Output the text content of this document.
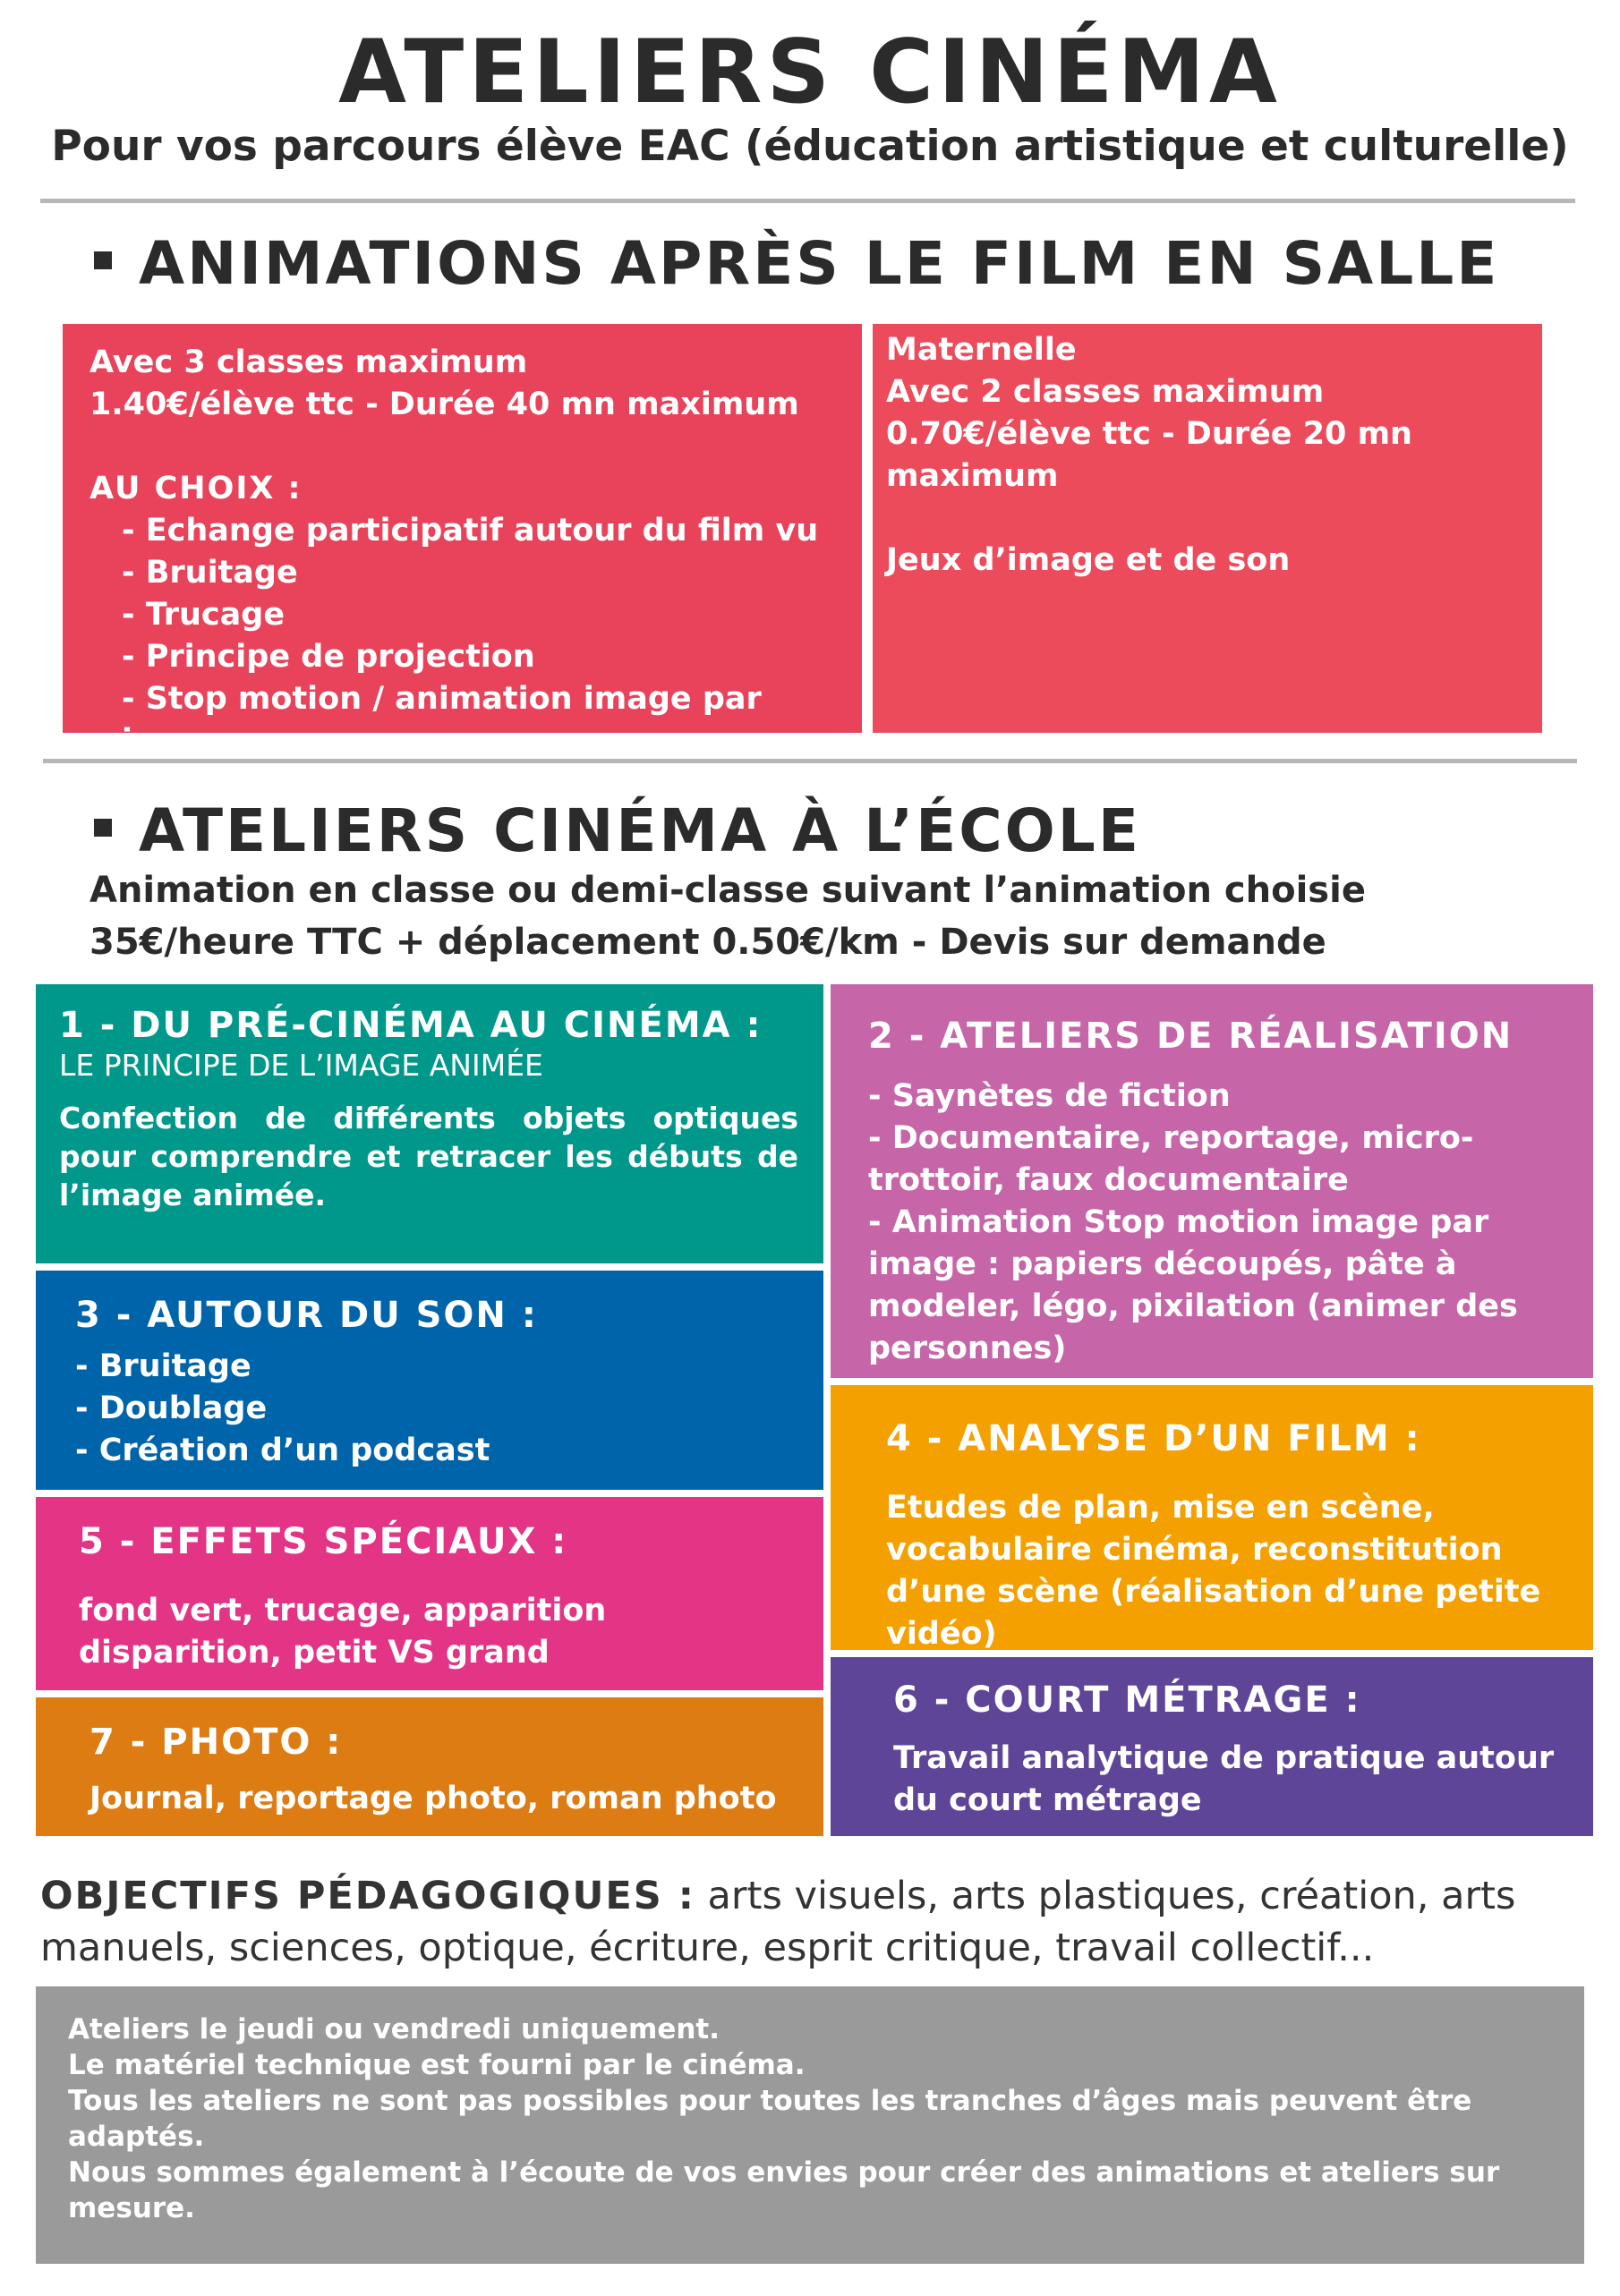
ATELIERS CINÉMA
Pour vos parcours élève EAC (éducation artistique et culturelle)
ANIMATIONS APRÈS LE FILM EN SALLE

Avec 3 classes maximum

1.40€/élève ttc - Durée 40 mn maximum

AU CHOIX :

- Echange participatif autour du film vu

- Bruitage

- Trucage

- Principe de projection

- Stop motion / animation image par image

Maternelle

Avec 2 classes maximum

0.70€/élève ttc - Durée 20 mn maximum

Jeux d’image et de son

ATELIERS CINÉMA À L’ÉCOLE
Animation en classe ou demi-classe suivant l’animation choisie
35€/heure TTC + déplacement 0.50€/km - Devis sur demande
1 - DU PRÉ-CINÉMA AU CINÉMA :
LE PRINCIPE DE L’IMAGE ANIMÉE
Confection de différents objets optiques pour comprendre et retracer les débuts de l’image animée.
2 - ATELIERS DE RÉALISATION

- Saynètes de fiction

- Documentaire, reportage, micro-trottoir, faux documentaire

- Animation Stop motion image par image : papiers découpés, pâte à modeler, légo, pixilation (animer des personnes)

3 - AUTOUR DU SON :

- Bruitage

- Doublage

- Création d’un podcast	4 - ANALYSE D’UN FILM :
Etudes de plan, mise en scène, vocabulaire cinéma, reconstitution d’une scène (réalisation d’une petite vidéo)
5 - EFFETS SPÉCIAUX :
fond vert, trucage, apparition disparition, petit VS grand
6 - COURT MÉTRAGE :
Travail analytique de pratique autour du court métrage
7 - PHOTO :
Journal, reportage photo, roman photo
OBJECTIFS PÉDAGOGIQUES : arts visuels, arts plastiques, création, arts manuels, sciences, optique, écriture, esprit critique, travail collectif...

Ateliers le jeudi ou vendredi uniquement.

Le matériel technique est fourni par le cinéma.

Tous les ateliers ne sont pas possibles pour toutes les tranches d’âges mais peuvent être adaptés.

Nous sommes également à l’écoute de vos envies pour créer des animations et ateliers sur mesure.

CONTACT : mediation@cinehorloge.fr / 0962171624 /0787536639
